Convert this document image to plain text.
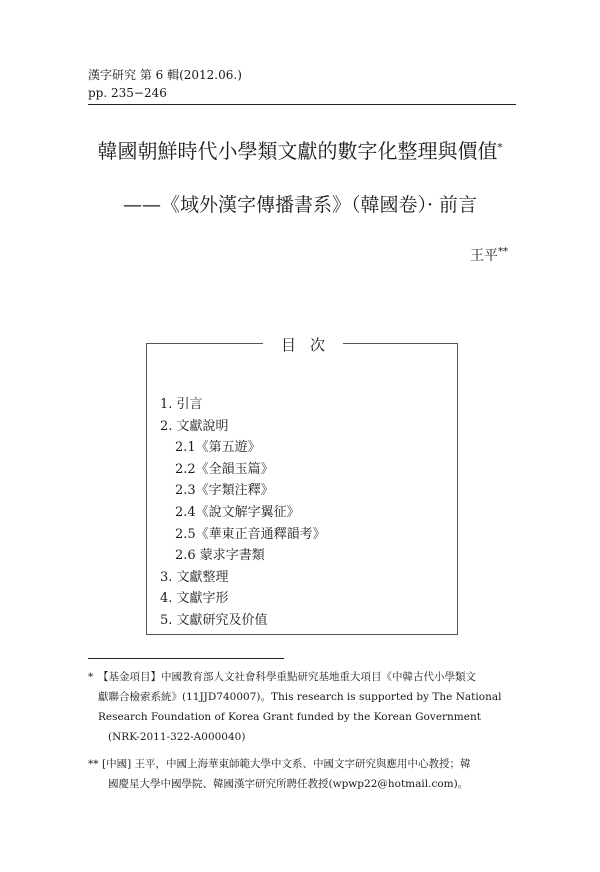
漢字研究 第 6 輯(2012.06.)
pp. 235−246
韓國朝鮮時代小學類文獻的數字化整理與價值*
——《域外漢字傳播書系》（韓國卷）· 前言
王平**
目次
1. 引言
2. 文獻說明
2.1《第五遊》
2.2《全韻玉篇》
2.3《字類注釋》
2.4《說文解字翼征》
2.5《華東正音通釋韻考》
2.6 蒙求字書類
3. 文獻整理
4. 文獻字形
5. 文獻研究及价值
* 【基金項目】中國教育部人文社會科學重點研究基地重大項目《中韓古代小學類文

獻聯合檢索系統》(11JJD740007)。This research is supported by The National

Research Foundation of Korea Grant funded by the Korean Government

(NRK-2011-322-A000040)

** [中國] 王平，中國上海華東師範大學中文系、中國文字研究與應用中心教授；韓

國慶星大學中國學院、韓國漢字研究所聘任教授(wpwp22@hotmail.com)。
